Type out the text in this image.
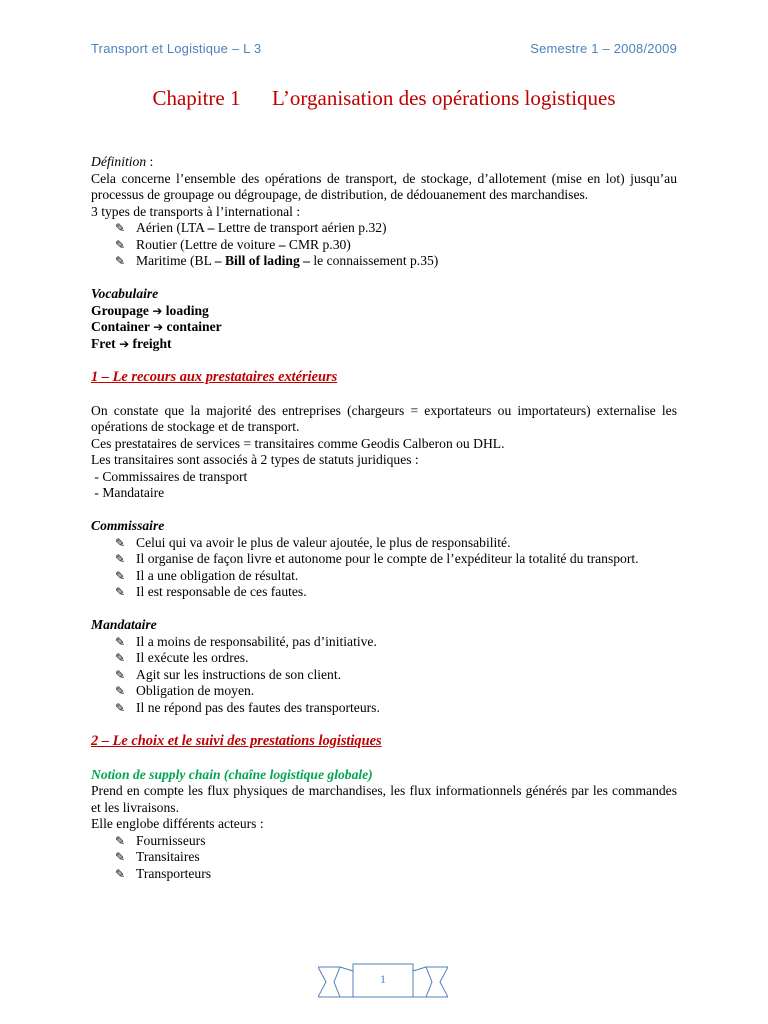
Transport et Logistique – L 3	Semestre 1 – 2008/2009
Chapitre 1      L’organisation des opérations logistiques

Définition :

Cela concerne l’ensemble des opérations de transport, de stockage, d’allotement (mise en lot) jusqu’au processus de groupage ou dégroupage, de distribution, de dédouanement des marchandises.

3 types de transports à l’international :

✎ Aérien (LTA – Lettre de transport aérien p.32)
✎ Routier (Lettre de voiture – CMR p.30)
✎ Maritime (BL – Bill of lading – le connaissement p.35)

Vocabulaire

Groupage ➔ loading

Container ➔ container

Fret ➔ freight

1 – Le recours aux prestataires extérieurs

On constate que la majorité des entreprises (chargeurs = exportateurs ou importateurs) externalise les opérations de stockage et de transport.

Ces prestataires de services = transitaires comme Geodis Calberon ou DHL.

Les transitaires sont associés à 2 types de statuts juridiques :

- Commissaires de transport

- Mandataire

Commissaire

✎ Celui qui va avoir le plus de valeur ajoutée, le plus de responsabilité.
✎ Il organise de façon livre et autonome pour le compte de l’expéditeur la totalité du transport.
✎ Il a une obligation de résultat.
✎ Il est responsable de ces fautes.

Mandataire

✎ Il a moins de responsabilité, pas d’initiative.
✎ Il exécute les ordres.
✎ Agit sur les instructions de son client.
✎ Obligation de moyen.
✎ Il ne répond pas des fautes des transporteurs.

2 – Le choix et le suivi des prestations logistiques

Notion de supply chain (chaîne logistique globale)

Prend en compte les flux physiques de marchandises, les flux informationnels générés par les commandes et les livraisons.

Elle englobe différents acteurs :

✎ Fournisseurs
✎ Transitaires
✎ Transporteurs
1
